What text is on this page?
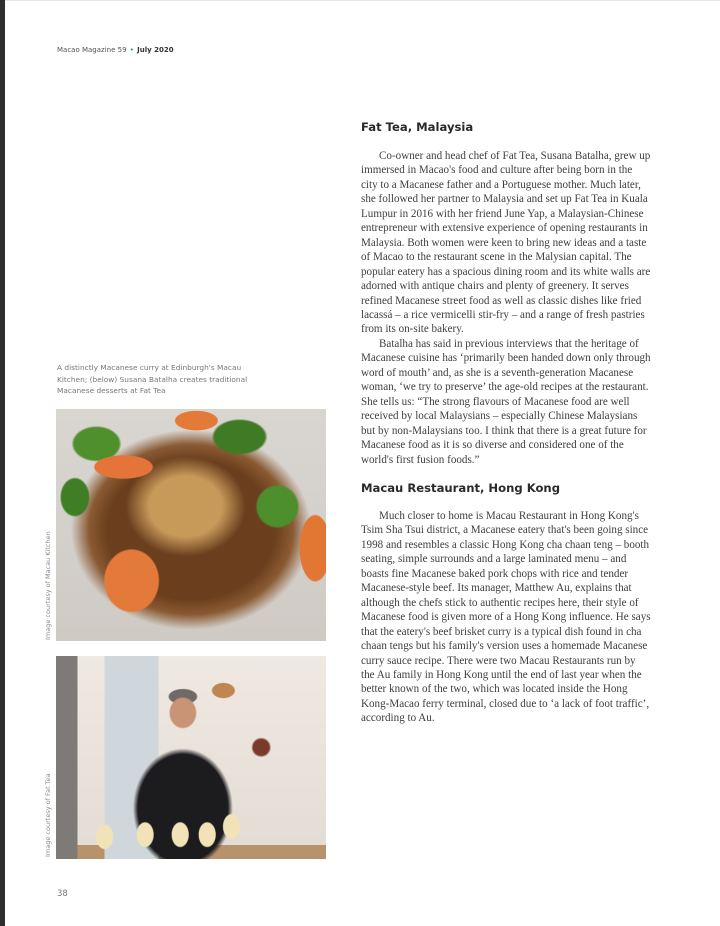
Macao Magazine 59 • July 2020
A distinctly Macanese curry at Edinburgh's Macau Kitchen; (below) Susana Batalha creates traditional Macanese desserts at Fat Tea
Image courtesy of Macau Kitchen
Image courtesy of Fat Tea
Fat Tea, Malaysia

Co-owner and head chef of Fat Tea, Susana Batalha, grew up immersed in Macao's food and culture after being born in the city to a Macanese father and a Portuguese mother. Much later, she followed her partner to Malaysia and set up Fat Tea in Kuala Lumpur in 2016 with her friend June Yap, a Malaysian-Chinese entrepreneur with extensive experience of opening restaurants in Malaysia. Both women were keen to bring new ideas and a taste of Macao to the restaurant scene in the Malysian capital. The popular eatery has a spacious dining room and its white walls are adorned with antique chairs and plenty of greenery. It serves refined Macanese street food as well as classic dishes like fried lacassá – a rice vermicelli stir-fry – and a range of fresh pastries from its on-site bakery.

Batalha has said in previous interviews that the heritage of Macanese cuisine has ‘primarily been handed down only through word of mouth’ and, as she is a seventh-generation Macanese woman, ‘we try to preserve’ the age-old recipes at the restaurant. She tells us: “The strong flavours of Macanese food are well received by local Malaysians – especially Chinese Malaysians but by non-Malaysians too. I think that there is a great future for Macanese food as it is so diverse and considered one of the world's first fusion foods.”

Macau Restaurant, Hong Kong

Much closer to home is Macau Restaurant in Hong Kong's Tsim Sha Tsui district, a Macanese eatery that's been going since 1998 and resembles a classic Hong Kong cha chaan teng – booth seating, simple surrounds and a large laminated menu – and boasts fine Macanese baked pork chops with rice and tender Macanese-style beef. Its manager, Matthew Au, explains that although the chefs stick to authentic recipes here, their style of Macanese food is given more of a Hong Kong influence. He says that the eatery's beef brisket curry is a typical dish found in cha chaan tengs but his family's version uses a homemade Macanese curry sauce recipe. There were two Macau Restaurants run by the Au family in Hong Kong until the end of last year when the better known of the two, which was located inside the Hong Kong-Macao ferry terminal, closed due to ‘a lack of foot traffic’, according to Au.

38
